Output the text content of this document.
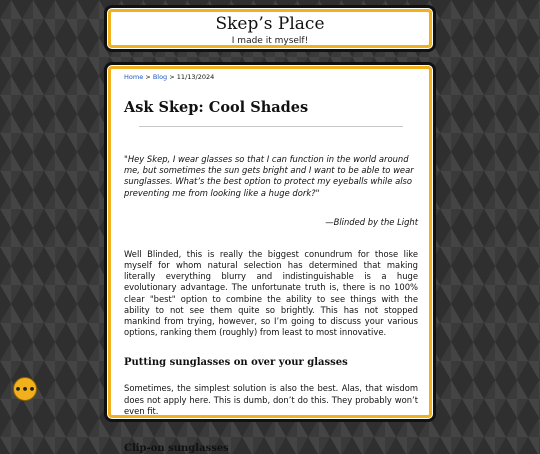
Skep’s Place
I made it myself!
Home > Blog > 11/13/2024
Ask Skep: Cool Shades
"Hey Skep, I wear glasses so that I can function in the world around me, but sometimes the sun gets bright and I want to be able to wear sunglasses. What’s the best option to protect my eyeballs while also preventing me from looking like a huge dork?"
—Blinded by the Light

Well Blinded, this is really the biggest conundrum for those like myself for whom natural selection has determined that making literally everything blurry and indistinguishable is a huge evolutionary advantage. The unfortunate truth is, there is no 100% clear "best" option to combine the ability to see things with the ability to not see them quite so brightly. This has not stopped mankind from trying, however, so I’m going to discuss your various options, ranking them (roughly) from least to most innovative.

Putting sunglasses on over your glasses

Sometimes, the simplest solution is also the best. Alas, that wisdom does not apply here. This is dumb, don’t do this. They probably won’t even fit.

Clip-on sunglasses
•••
